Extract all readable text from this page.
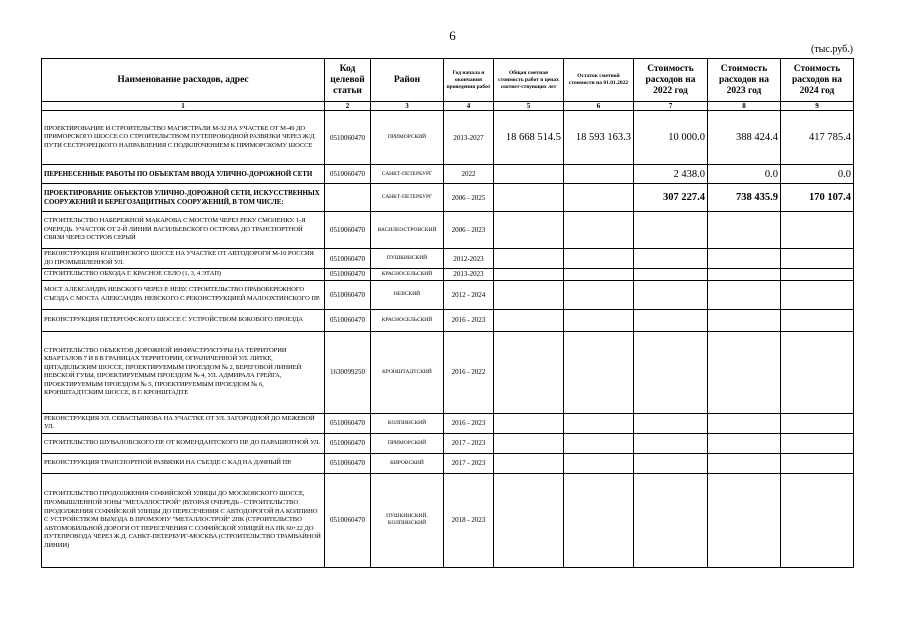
6
(тыс.руб.)
Наименование расходов, адрес	Код целевой статьи	Район	Год начала и окончания проведения работ	Общая сметная стоимость работ в ценах соответ-ствующих лет	Остаток сметной стоимости на 01.01.2022	Стоимость расходов на 2022 год	Стоимость расходов на 2023 год	Стоимость расходов на 2024 год
1	2	3	4	5	6	7	8	9
ПРОЕКТИРОВАНИЕ И СТРОИТЕЛЬСТВО МАГИСТРАЛИ М-32 НА УЧАСТКЕ ОТ М-49 ДО ПРИМОРСКОГО ШОССЕ СО СТРОИТЕЛЬСТВОМ ПУТЕПРОВОДНОЙ РАЗВЯЗКИ ЧЕРЕЗ Ж/Д ПУТИ СЕСТРОРЕЦКОГО НАПРАВЛЕНИЯ С ПОДКЛЮЧЕНИЕМ К ПРИМОРСКОМУ ШОССЕ	0510060470	ПРИМОРСКИЙ	2013-2027	18 668 514.5	18 593 163.3	10 000.0	388 424.4	417 785.4
ПЕРЕНЕСЕННЫЕ РАБОТЫ ПО ОБЪЕКТАМ ВВОДА УЛИЧНО-ДОРОЖНОЙ СЕТИ	0510060470	САНКТ-ПЕТЕРБУРГ	2022			2 438.0	0.0	0.0
ПРОЕКТИРОВАНИЕ ОБЪЕКТОВ УЛИЧНО-ДОРОЖНОЙ СЕТИ, ИСКУССТВЕННЫХ СООРУЖЕНИЙ И БЕРЕГОЗАЩИТНЫХ СООРУЖЕНИЙ, В ТОМ ЧИСЛЕ:		САНКТ-ПЕТЕРБУРГ	2006 - 2025			307 227.4	738 435.9	170 107.4
СТРОИТЕЛЬСТВО НАБЕРЕЖНОЙ МАКАРОВА С МОСТОМ ЧЕРЕЗ РЕКУ СМОЛЕНКУ. 1-Я ОЧЕРЕДЬ. УЧАСТОК ОТ 2-Й ЛИНИИ ВАСИЛЬЕВСКОГО ОСТРОВА ДО ТРАНСПОРТНОЙ СВЯЗИ ЧЕРЕЗ ОСТРОВ СЕРЫЙ	0510060470	ВАСИЛЕОСТРОВСКИЙ	2006 - 2023					
РЕКОНСТРУКЦИЯ КОЛПИНСКОГО ШОССЕ НА УЧАСТКЕ ОТ АВТОДОРОГИ М-10 РОССИЯ ДО ПРОМЫШЛЕННОЙ УЛ.	0510060470	ПУШКИНСКИЙ	2012-2023					
СТРОИТЕЛЬСТВО ОБХОДА Г. КРАСНОЕ СЕЛО (1, 3, 4 ЭТАП)	0510060470	КРАСНОСЕЛЬСКИЙ	2013-2023					
МОСТ АЛЕКСАНДРА НЕВСКОГО ЧЕРЕЗ Р. НЕВУ. СТРОИТЕЛЬСТВО ПРАВОБЕРЕЖНОГО СЪЕЗДА С МОСТА АЛЕКСАНДРА НЕВСКОГО С РЕКОНСТРУКЦИЕЙ МАЛООХТИНСКОГО ПР.	0510060470	НЕВСКИЙ	2012 - 2024					
РЕКОНСТРУКЦИЯ ПЕТЕРГОФСКОГО ШОССЕ С УСТРОЙСТВОМ БОКОВОГО ПРОЕЗДА	0510060470	КРАСНОСЕЛЬСКИЙ	2016 - 2023					
СТРОИТЕЛЬСТВО ОБЪЕКТОВ ДОРОЖНОЙ ИНФРАСТРУКТУРЫ НА ТЕРРИТОРИИ КВАРТАЛОВ 7 И 8 В ГРАНИЦАХ ТЕРРИТОРИИ, ОГРАНИЧЕННОЙ УЛ. ЛИТКЕ, ЦИТАДЕЛЬСКИМ ШОССЕ, ПРОЕКТИРУЕМЫМ ПРОЕЗДОМ № 2, БЕРЕГОВОЙ ЛИНИЕЙ НЕВСКОЙ ГУБЫ, ПРОЕКТИРУЕМЫМ ПРОЕЗДОМ № 4, УЛ. АДМИРАЛА ГРЕЙГА, ПРОЕКТИРУЕМЫМ ПРОЕЗДОМ № 5, ПРОЕКТИРУЕМЫМ ПРОЕЗДОМ № 6, КРОНШТАДТСКИМ ШОССЕ, В Г. КРОНШТАДТЕ	1630099250	КРОНШТАДТСКИЙ	2016 - 2022					
РЕКОНСТРУКЦИЯ УЛ. СЕВАСТЬЯНОВА НА УЧАСТКЕ ОТ УЛ. ЗАГОРОДНОЙ ДО МЕЖЕВОЙ УЛ.	0510060470	КОЛПИНСКИЙ	2016 - 2023					
СТРОИТЕЛЬСТВО ШУВАЛОВСКОГО ПР. ОТ КОМЕНДАНТСКОГО ПР. ДО ПАРАШЮТНОЙ УЛ.	0510060470	ПРИМОРСКИЙ	2017 - 2023					
РЕКОНСТРУКЦИЯ ТРАНСПОРТНОЙ РАЗВЯЗКИ НА СЪЕЗДЕ С КАД НА ДАЧНЫЙ ПР.	0510060470	КИРОВСКИЙ	2017 - 2023					
СТРОИТЕЛЬСТВО ПРОДОЛЖЕНИЯ СОФИЙСКОЙ УЛИЦЫ ДО МОСКОВСКОГО ШОССЕ, ПРОМЫШЛЕННОЙ ЗОНЫ "МЕТАЛЛОСТРОЙ" (ВТОРАЯ ОЧЕРЕДЬ - СТРОИТЕЛЬСТВО ПРОДОЛЖЕНИЯ СОФИЙСКОЙ УЛИЦЫ ДО ПЕРЕСЕЧЕНИЯ С АВТОДОРОГОЙ НА КОЛПИНО С УСТРОЙСТВОМ ВЫХОДА В ПРОМЗОНУ "МЕТАЛЛОСТРОЙ" 2ПК (СТРОИТЕЛЬСТВО АВТОМОБИЛЬНОЙ ДОРОГИ ОТ ПЕРЕСЕЧЕНИЯ С СОФИЙСКОЙ УЛИЦЕЙ НА ПК 60+22 ДО ПУТЕПРОВОДА ЧЕРЕЗ Ж.Д. САНКТ-ПЕТЕРБУРГ-МОСКВА (СТРОИТЕЛЬСТВО ТРАМВАЙНОЙ ЛИНИИ)	0510060470	ПУШКИНСКИЙ, КОЛПИНСКИЙ	2018 - 2023					
